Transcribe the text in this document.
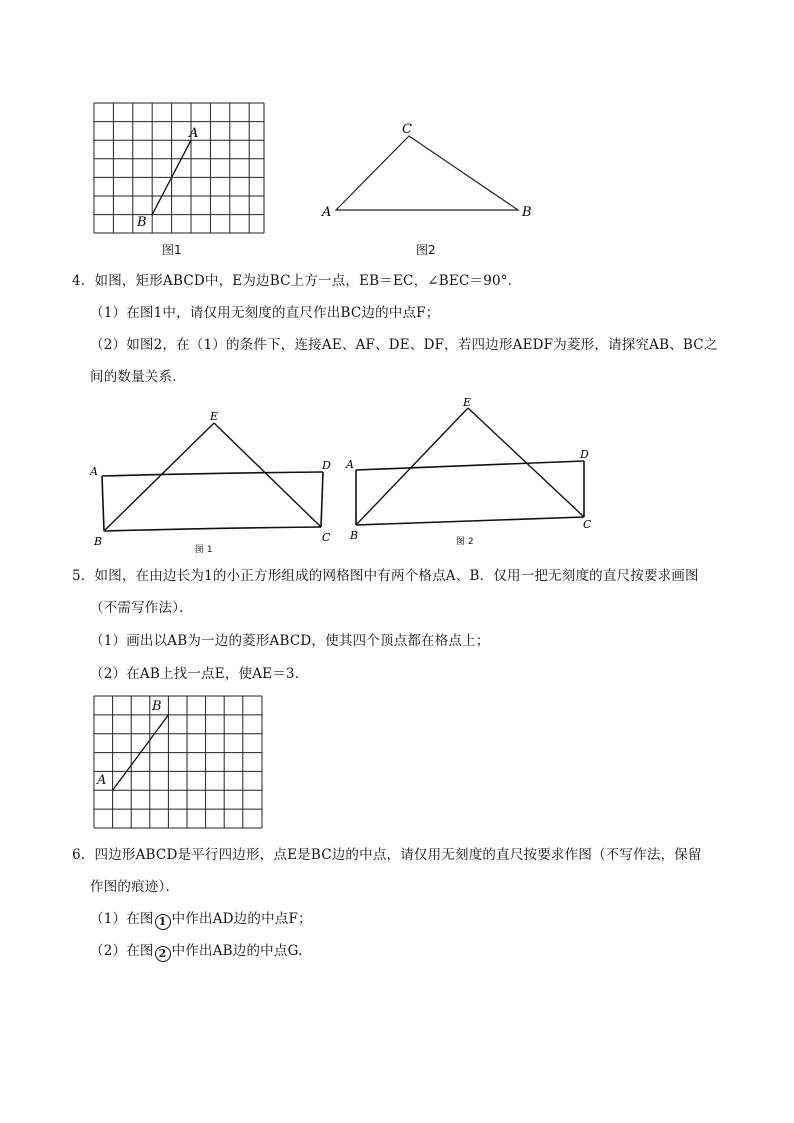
A
B
图1
C
A	B
图2
4．如图，矩形ABCD中，E为边BC上方一点，EB＝EC，∠BEC＝90°．
（1）在图1中，请仅用无刻度的直尺作出BC边的中点F；
（2）如图2，在（1）的条件下，连接AE、AF、DE、DF，若四边形AEDF为菱形，请探究AB、BC之
间的数量关系．
E
A	D
B	C
图 1
E
A
D
B
C
图 2
5．如图，在由边长为1的小正方形组成的网格图中有两个格点A、B．仅用一把无刻度的直尺按要求画图
（不需写作法）．
（1）画出以AB为一边的菱形ABCD，使其四个顶点都在格点上；
（2）在AB上找一点E，使AE＝3．
B
A
6．四边形ABCD是平行四边形，点E是BC边的中点，请仅用无刻度的直尺按要求作图（不写作法，保留
作图的痕迹）．
（1）在图 1 中作出AD边的中点F；
（2）在图 2 中作出AB边的中点G.
